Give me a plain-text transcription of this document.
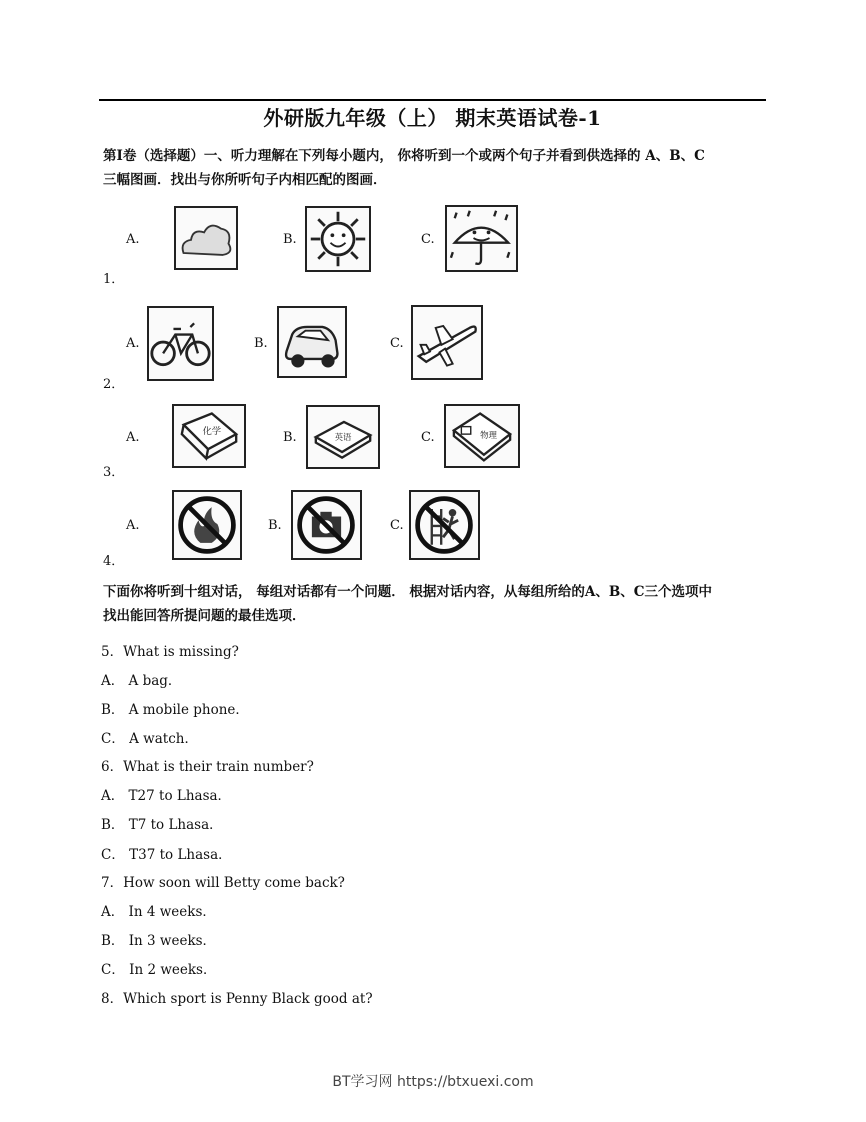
外研版九年级（上） 期末英语试卷-1
第Ⅰ卷（选择题）一、听力理解在下列每小题内， 你将听到一个或两个句子并看到供选择的 A、B、C
三幅图画．找出与你所听句子内相匹配的图画．
1．
A.	B.	C.
2．
A.	B.	C.
3．
A.	化学	B.	英语	C.	物理
4．
A.	B.	C.
下面你将听到十组对话， 每组对话都有一个问题． 根据对话内容，从每组所给的A、B、C三个选项中
找出能回答所提问题的最佳选项．
5．What is missing?
A． A bag．
B． A mobile phone．
C． A watch．
6．What is their train number?
A． T27 to Lhasa．
B． T7 to Lhasa．
C． T37 to Lhasa．
7．How soon will Betty come back?
A． In 4 weeks．
B． In 3 weeks．
C． In 2 weeks．
8．Which sport is Penny Black good at?
BT学习网 https://btxuexi.com
